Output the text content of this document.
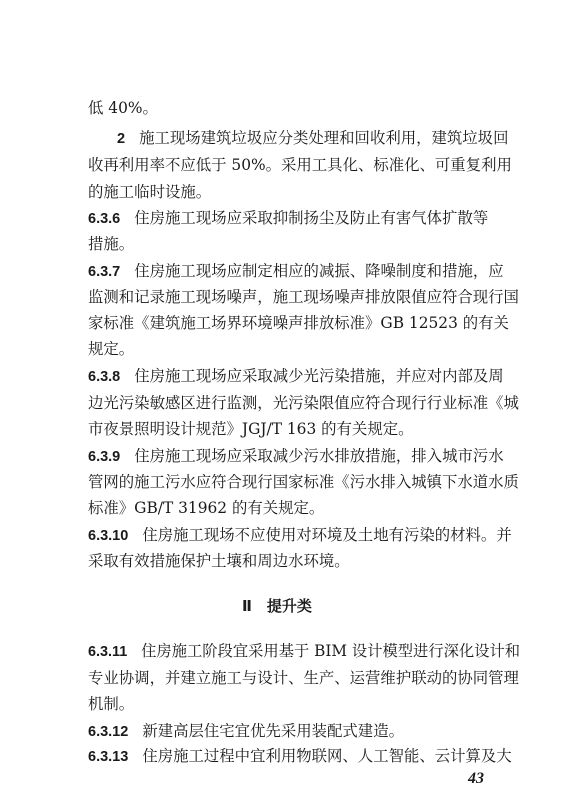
低 40%。
2 施工现场建筑垃圾应分类处理和回收利用，建筑垃圾回
收再利用率不应低于 50%。采用工具化、标准化、可重复利用
的施工临时设施。
6.3.6 住房施工现场应采取抑制扬尘及防止有害气体扩散等
措施。
6.3.7 住房施工现场应制定相应的减振、降噪制度和措施，应
监测和记录施工现场噪声，施工现场噪声排放限值应符合现行国
家标准《建筑施工场界环境噪声排放标准》GB 12523 的有关
规定。
6.3.8 住房施工现场应采取减少光污染措施，并应对内部及周
边光污染敏感区进行监测，光污染限值应符合现行行业标准《城
市夜景照明设计规范》JGJ/T 163 的有关规定。
6.3.9 住房施工现场应采取减少污水排放措施，排入城市污水
管网的施工污水应符合现行国家标准《污水排入城镇下水道水质
标准》GB/T 31962 的有关规定。
6.3.10 住房施工现场不应使用对环境及土地有污染的材料。并
采取有效措施保护土壤和周边水环境。
Ⅱ　提升类
6.3.11 住房施工阶段宜采用基于 BIM 设计模型进行深化设计和
专业协调，并建立施工与设计、生产、运营维护联动的协同管理
机制。
6.3.12 新建高层住宅宜优先采用装配式建造。
6.3.13 住房施工过程中宜利用物联网、人工智能、云计算及大
43
